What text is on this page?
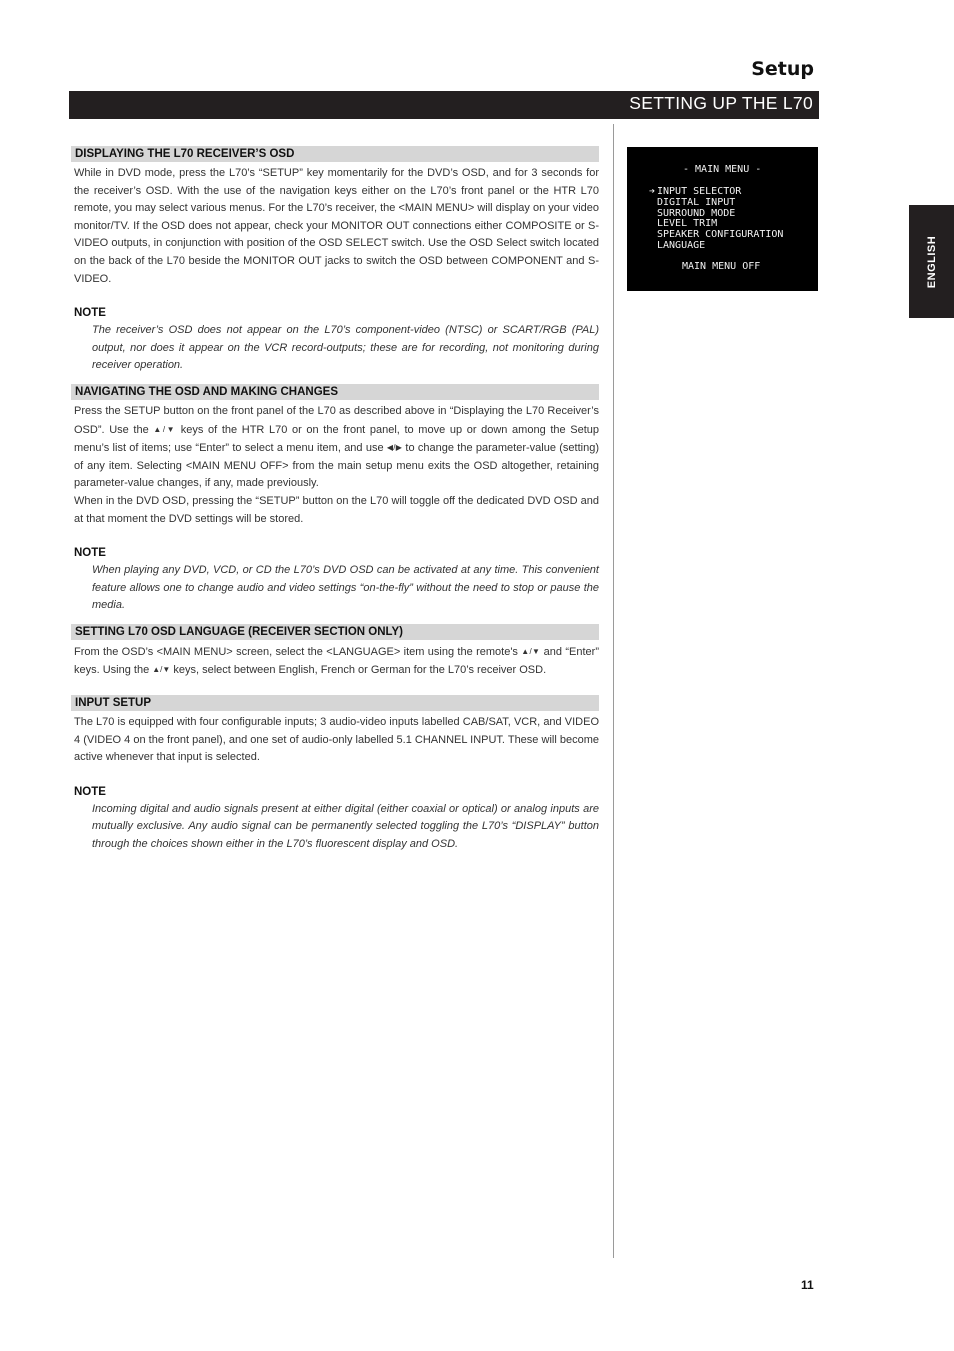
Setup
SETTING UP THE L70
ENGLISH
DISPLAYING THE L70 RECEIVER’S OSD

While in DVD mode, press the L70’s “SETUP” key momentarily for the DVD’s OSD, and for 3 seconds for the receiver’s OSD. With the use of the navigation keys either on the L70’s front panel or the HTR L70 remote, you may select various menus. For the L70’s receiver, the <MAIN MENU> will display on your video monitor/TV. If the OSD does not appear, check your MONITOR OUT connections either COMPOSITE or S-VIDEO outputs, in conjunction with position of the OSD SELECT switch. Use the OSD Select switch located on the back of the L70 beside the MONITOR OUT jacks to switch the OSD between COMPONENT and S-VIDEO.

NOTE

The receiver’s OSD does not appear on the L70’s component-video (NTSC) or SCART/RGB (PAL) output, nor does it appear on the VCR record-outputs; these are for recording, not monitoring during receiver operation.

NAVIGATING THE OSD AND MAKING CHANGES

Press the SETUP button on the front panel of the L70 as described above in “Displaying the L70 Receiver’s OSD”. Use the ▲/▼ keys of the HTR L70 or on the front panel, to move up or down among the Setup menu’s list of items; use “Enter” to select a menu item, and use ◀/▶ to change the parameter-value (setting) of any item. Selecting <MAIN MENU OFF> from the main setup menu exits the OSD altogether, retaining parameter-value changes, if any, made previously.

When in the DVD OSD, pressing the “SETUP” button on the L70 will toggle off the dedicated DVD OSD and at that moment the DVD settings will be stored.

NOTE

When playing any DVD, VCD, or CD the L70’s DVD OSD can be activated at any time. This convenient feature allows one to change audio and video settings “on-the-fly” without the need to stop or pause the media.

SETTING L70 OSD LANGUAGE (RECEIVER SECTION ONLY)

From the OSD’s <MAIN MENU> screen, select the <LANGUAGE> item using the remote's ▲/▼ and “Enter” keys. Using the ▲/▼ keys, select between English, French or German for the L70’s receiver OSD.

INPUT SETUP

The L70 is equipped with four configurable inputs; 3 audio-video inputs labelled CAB/SAT, VCR, and VIDEO 4 (VIDEO 4 on the front panel), and one set of audio-only labelled 5.1 CHANNEL INPUT. These will become active whenever that input is selected.

NOTE

Incoming digital and audio signals present at either digital (either coaxial or optical) or analog inputs are mutually exclusive. Any audio signal can be permanently selected toggling the L70’s “DISPLAY” button through the choices shown either in the L70’s fluorescent display and OSD.

- MAIN MENU -
➔ INPUT SELECTOR
DIGITAL INPUT
SURROUND MODE
LEVEL TRIM
SPEAKER CONFIGURATION
LANGUAGE
MAIN MENU OFF
11
